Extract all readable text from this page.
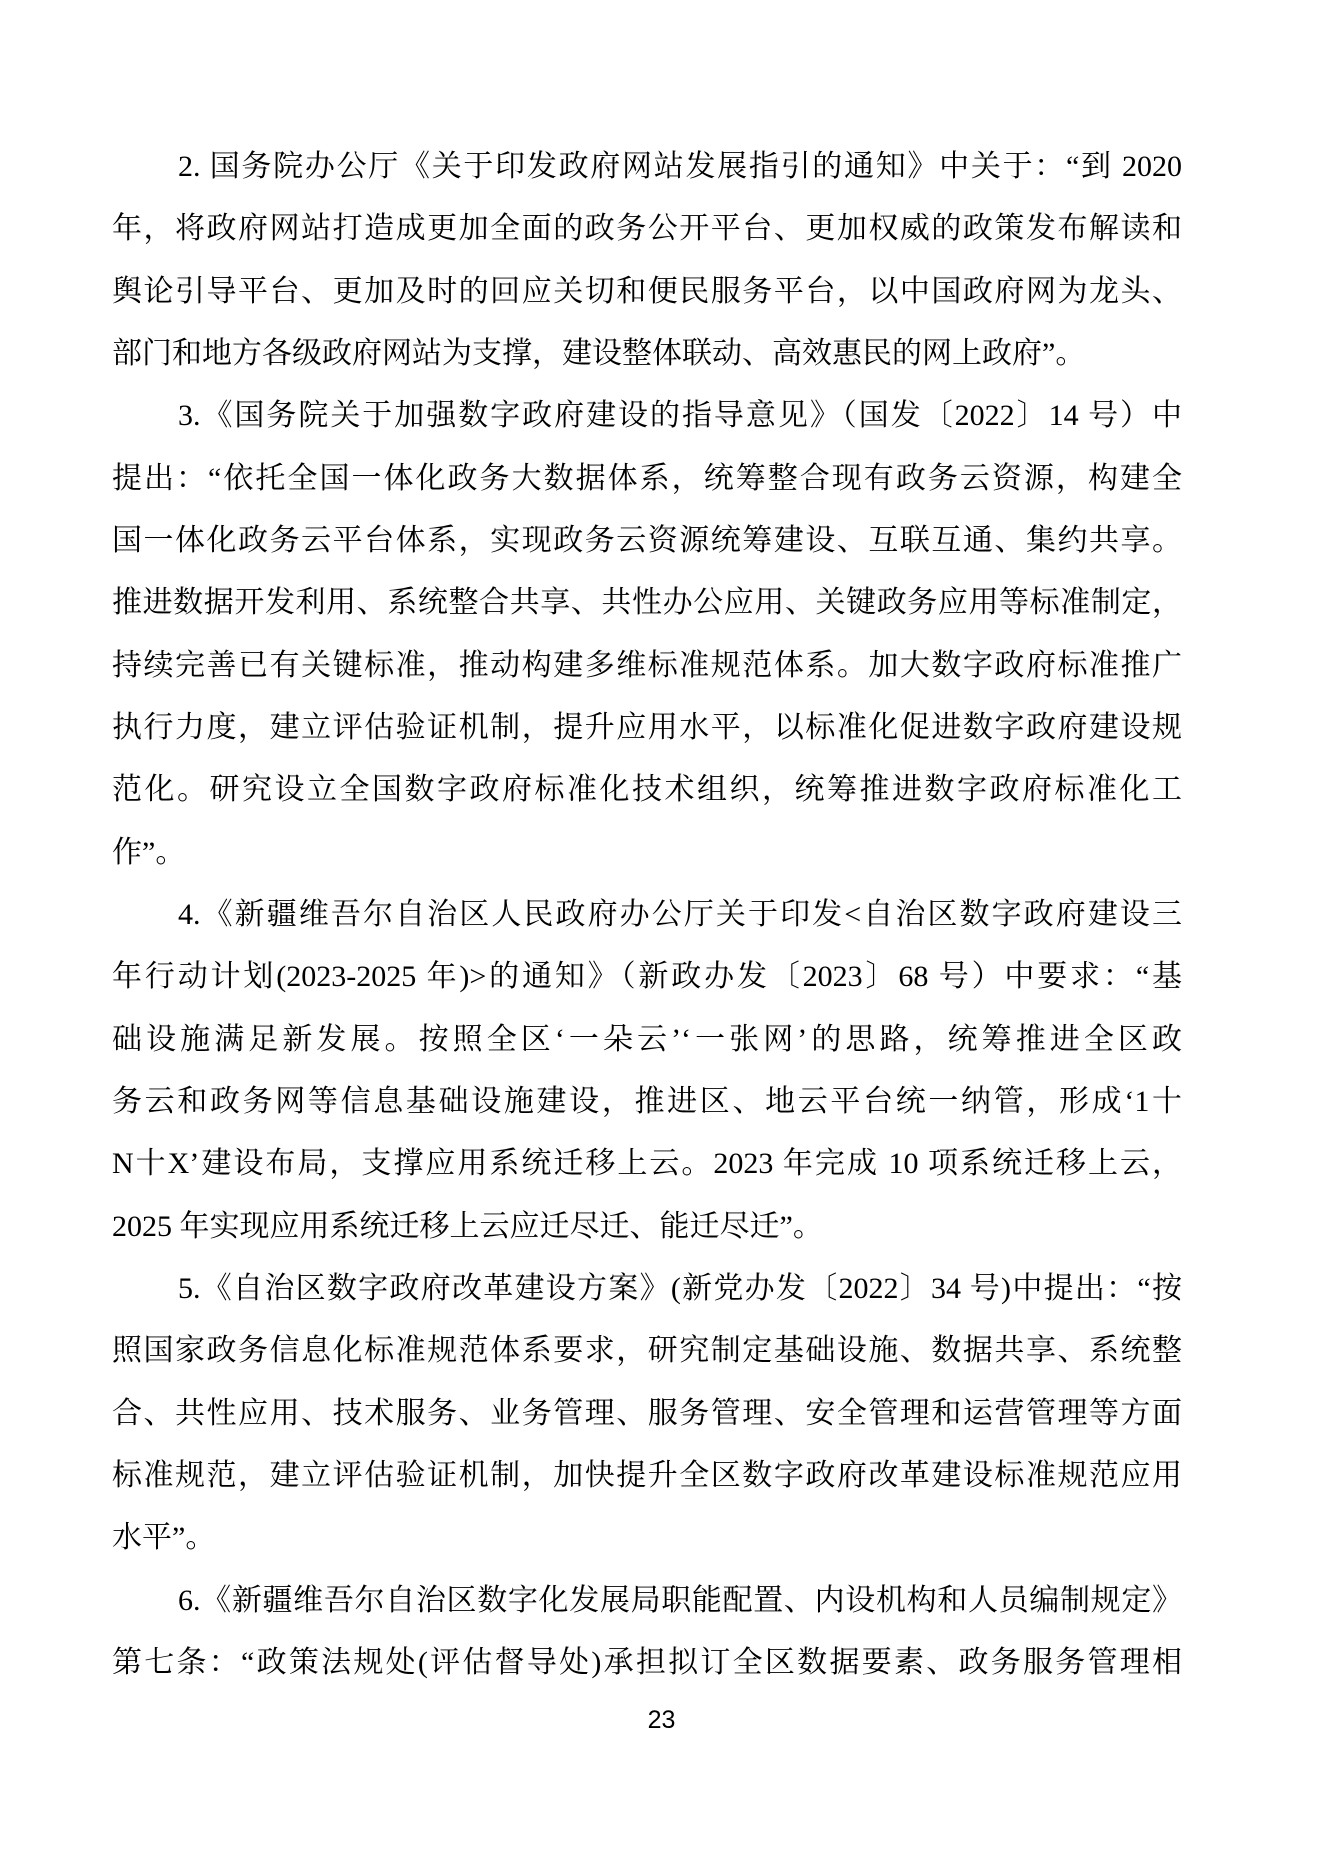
2. 国务院办公厅《关于印发政府网站发展指引的通知》中关于：“到 2020
年，将政府网站打造成更加全面的政务公开平台、更加权威的政策发布解读和
舆论引导平台、更加及时的回应关切和便民服务平台，以中国政府网为龙头、
部门和地方各级政府网站为支撑，建设整体联动、高效惠民的网上政府”。
3.《国务院关于加强数字政府建设的指导意见》（国发〔2022〕14 号）中
提出：“依托全国一体化政务大数据体系，统筹整合现有政务云资源，构建全
国一体化政务云平台体系，实现政务云资源统筹建设、互联互通、集约共享。
推进数据开发利用、系统整合共享、共性办公应用、关键政务应用等标准制定，
持续完善已有关键标准，推动构建多维标准规范体系。加大数字政府标准推广
执行力度，建立评估验证机制，提升应用水平，以标准化促进数字政府建设规
范化。研究设立全国数字政府标准化技术组织，统筹推进数字政府标准化工
作”。
4.《新疆维吾尔自治区人民政府办公厅关于印发<自治区数字政府建设三
年行动计划(2023-2025 年)>的通知》（新政办发〔2023〕68 号）中要求：“基
础设施满足新发展。按照全区‘一朵云’‘一张网’的思路，统筹推进全区政
务云和政务网等信息基础设施建设，推进区、地云平台统一纳管，形成‘1十
N十X’建设布局，支撑应用系统迁移上云。2023 年完成 10 项系统迁移上云，
2025 年实现应用系统迁移上云应迁尽迁、能迁尽迁”。
5.《自治区数字政府改革建设方案》(新党办发〔2022〕34 号)中提出：“按
照国家政务信息化标准规范体系要求，研究制定基础设施、数据共享、系统整
合、共性应用、技术服务、业务管理、服务管理、安全管理和运营管理等方面
标准规范，建立评估验证机制，加快提升全区数字政府改革建设标准规范应用
水平”。
6.《新疆维吾尔自治区数字化发展局职能配置、内设机构和人员编制规定》
第七条：“政策法规处(评估督导处)承担拟订全区数据要素、政务服务管理相
23
